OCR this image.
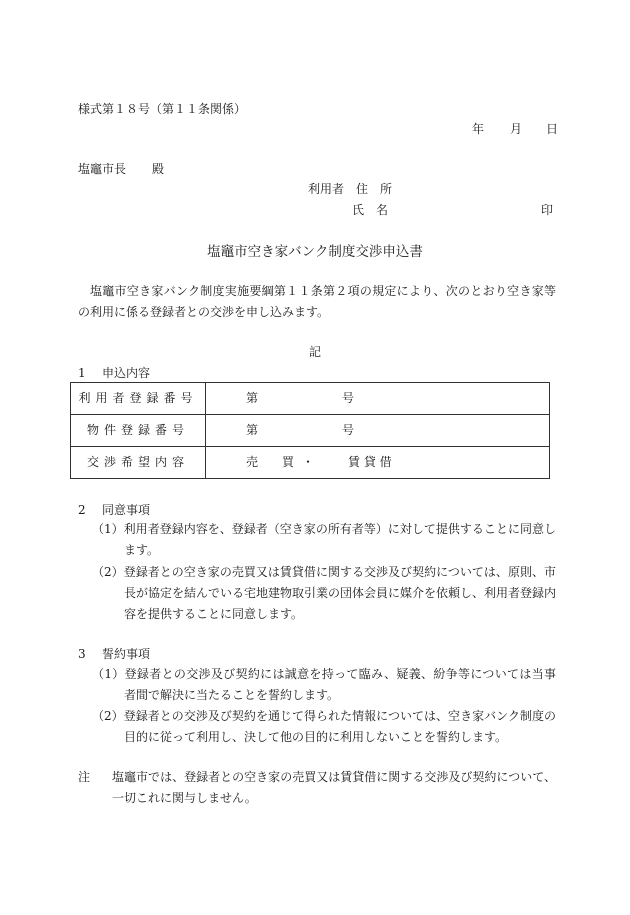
様式第１８号（第１１条関係）
年 月 日
塩竈市長 殿
利用者　住　所
氏　名	印
塩竈市空き家バンク制度交渉申込書
塩竈市空き家バンク制度実施要綱第１１条第２項の規定により、次のとおり空き家等の利用に係る登録者との交渉を申し込みます。
記
1 申込内容
利用者登録番号	第 号
物件登録番号	第 号
交渉希望内容	売　　買 ・ 賃 貸 借
2 同意事項
（1）利用者登録内容を、登録者（空き家の所有者等）に対して提供することに同意します。
（2）登録者との空き家の売買又は賃貸借に関する交渉及び契約については、原則、市長が協定を結んでいる宅地建物取引業の団体会員に媒介を依頼し、利用者登録内容を提供することに同意します。
3 誓約事項
（1）登録者との交渉及び契約には誠意を持って臨み、疑義、紛争等については当事者間で解決に当たることを誓約します。
（2）登録者との交渉及び契約を通じて得られた情報については、空き家バンク制度の目的に従って利用し、決して他の目的に利用しないことを誓約します。
注 塩竈市では、登録者との空き家の売買又は賃貸借に関する交渉及び契約について、一切これに関与しません。
